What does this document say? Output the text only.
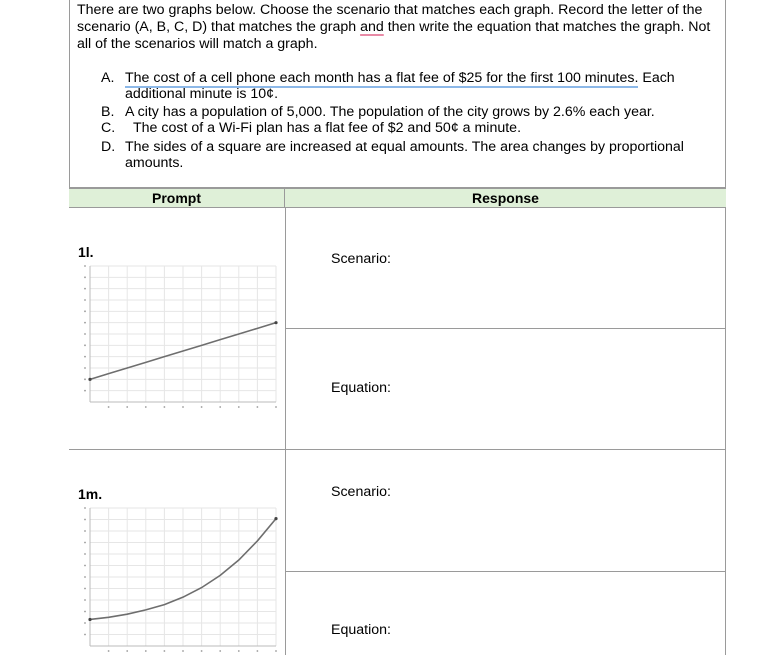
There are two graphs below. Choose the scenario that matches each graph. Record the letter of the scenario (A, B, C, D) that matches the graph and then write the equation that matches the graph. Not all of the scenarios will match a graph.

A. The cost of a cell phone each month has a flat fee of $25 for the first 100 minutes. Each additional minute is 10¢.
B. A city has a population of 5,000. The population of the city grows by 2.6% each year.
C. The cost of a Wi-Fi plan has a flat fee of $2 and 50¢ a minute.
D. The sides of a square are increased at equal amounts. The area changes by proportional amounts.
Prompt	Response
1l.
1m.
Scenario:
Equation:
Scenario:
Equation:
